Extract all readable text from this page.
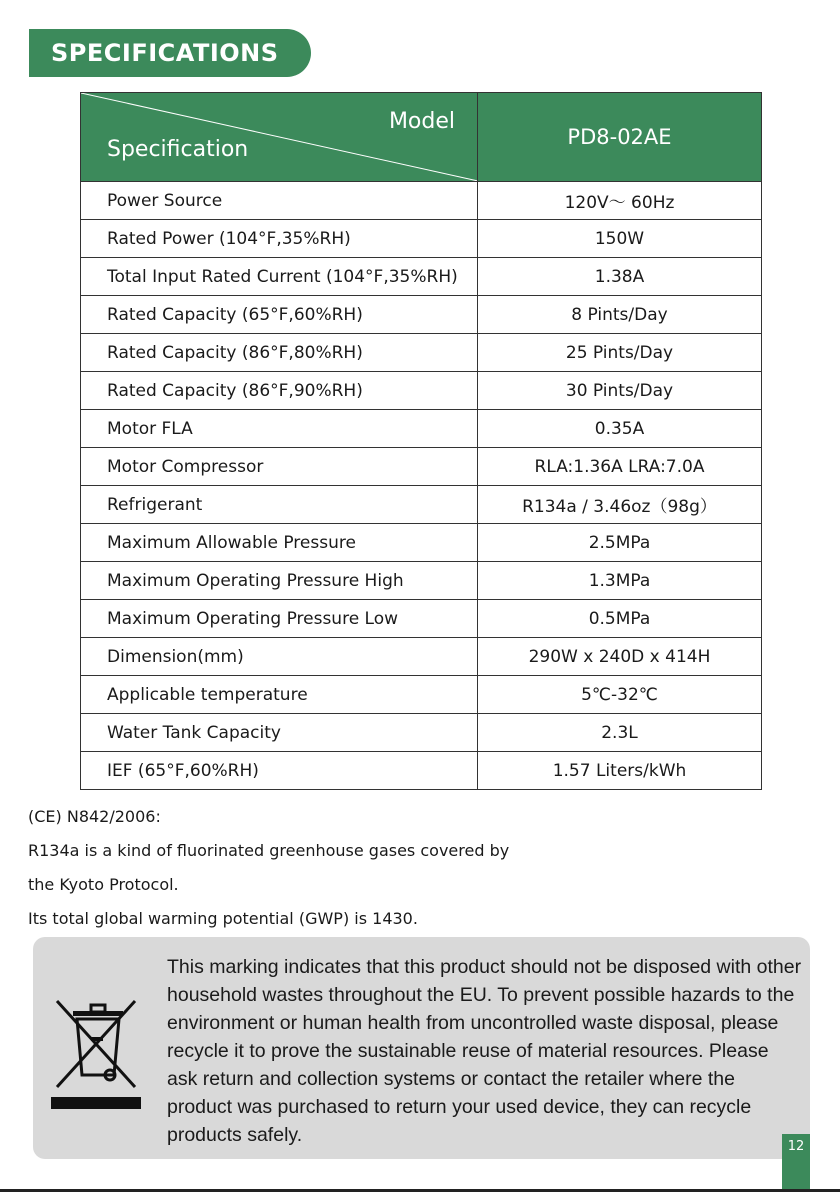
SPECIFICATIONS
Model
Specification	PD8-02AE
Power Source	120V～ 60Hz
Rated Power (104°F,35%RH)	150W
Total Input Rated Current (104°F,35%RH)	1.38A
Rated Capacity (65°F,60%RH)	8 Pints/Day
Rated Capacity (86°F,80%RH)	25 Pints/Day
Rated Capacity (86°F,90%RH)	30 Pints/Day
Motor FLA	0.35A
Motor Compressor	RLA:1.36A LRA:7.0A
Refrigerant	R134a / 3.46oz（98g）
Maximum Allowable Pressure	2.5MPa
Maximum Operating Pressure High	1.3MPa
Maximum Operating Pressure Low	0.5MPa
Dimension(mm)	290W x 240D x 414H
Applicable temperature	5℃-32℃
Water Tank Capacity	2.3L
IEF (65°F,60%RH)	1.57 Liters/kWh
(CE) N842/2006:
R134a is a kind of fluorinated greenhouse gases covered by
the Kyoto Protocol.
Its total global warming potential (GWP) is 1430.
This marking indicates that this product should not be disposed with other household wastes throughout the EU. To prevent possible hazards to the environment or human health from uncontrolled waste disposal, please recycle it to prove the sustainable reuse of material resources. Please ask return and collection systems or contact the retailer where the product was purchased to return your used device, they can recycle products safely.
12
